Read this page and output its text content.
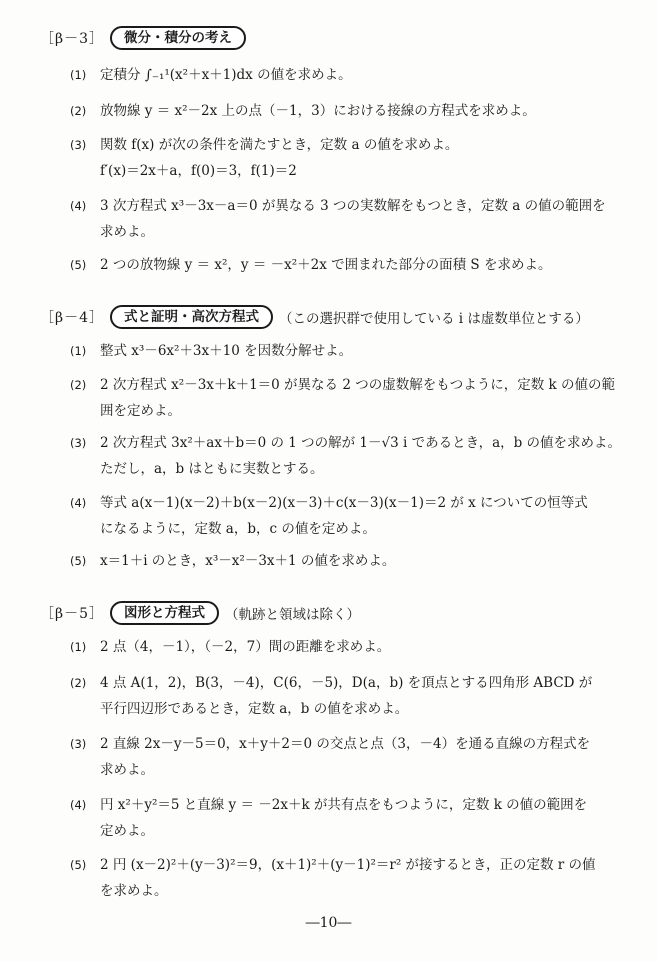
［β－3］	微分・積分の考え
(1)	定積分 ∫₋₁¹(x²＋x＋1)dx の値を求めよ。
(2)	放物線 y ＝ x²－2x 上の点（－1，3）における接線の方程式を求めよ。
(3)	関数 f(x) が次の条件を満たすとき，定数 a の値を求めよ。
f′(x)＝2x＋a，f(0)＝3，f(1)＝2
(4)	3 次方程式 x³－3x－a＝0 が異なる 3 つの実数解をもつとき，定数 a の値の範囲を
求めよ。
(5)	2 つの放物線 y ＝ x²，y ＝ －x²＋2x で囲まれた部分の面積 S を求めよ。
［β－4］	式と証明・高次方程式	（この選択群で使用している i は虚数単位とする）
(1)	整式 x³－6x²＋3x＋10 を因数分解せよ。
(2)	2 次方程式 x²－3x＋k＋1＝0 が異なる 2 つの虚数解をもつように，定数 k の値の範
囲を定めよ。
(3)	2 次方程式 3x²＋ax＋b＝0 の 1 つの解が 1－√3 i であるとき，a，b の値を求めよ。
ただし，a，b はともに実数とする。
(4)	等式 a(x－1)(x－2)＋b(x－2)(x－3)＋c(x－3)(x－1)＝2 が x についての恒等式
になるように，定数 a，b，c の値を定めよ。
(5)	x＝1＋i のとき，x³－x²－3x＋1 の値を求めよ。
［β－5］	図形と方程式	（軌跡と領域は除く）
(1)	2 点（4，－1），（－2，7）間の距離を求めよ。
(2)	4 点 A(1，2)，B(3，－4)，C(6，－5)，D(a，b) を頂点とする四角形 ABCD が
平行四辺形であるとき，定数 a，b の値を求めよ。
(3)	2 直線 2x－y－5＝0，x＋y＋2＝0 の交点と点（3，－4）を通る直線の方程式を
求めよ。
(4)	円 x²＋y²＝5 と直線 y ＝ －2x＋k が共有点をもつように，定数 k の値の範囲を
定めよ。
(5)	2 円 (x－2)²＋(y－3)²＝9，(x＋1)²＋(y－1)²＝r² が接するとき，正の定数 r の値
を求めよ。
―10―
